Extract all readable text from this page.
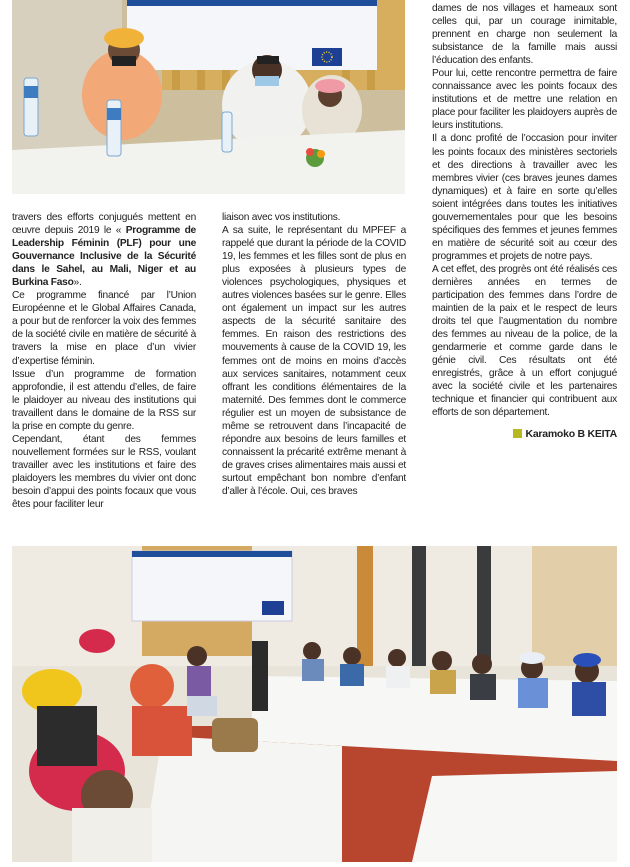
travers des efforts conjugués mettent en œuvre depuis 2019 le « Programme de Leadership Féminin (PLF) pour une Gouvernance Inclusive de la Sécurité dans le Sahel, au Mali, Niger et au Burkina Faso».

Ce programme financé par l’Union Européenne et le Global Affaires Canada, a pour but de renforcer la voix des femmes de la société civile en matière de sécurité à travers la mise en place d’un vivier d’expertise féminin.

Issue d’un programme de formation approfondie, il est attendu d’elles, de faire le plaidoyer au niveau des institutions qui travaillent dans le domaine de la RSS sur la prise en compte du genre.

Cependant, étant des femmes nouvellement formées sur le RSS, voulant travailler avec les institutions et faire des plaidoyers les membres du vivier ont donc besoin d’appui des points focaux que vous êtes pour faciliter leur

liaison avec vos institutions.

A sa suite, le représentant du MPFEF a rappelé que durant la période de la COVID 19, les femmes et les filles sont de plus en plus exposées à plusieurs types de violences psychologiques, physiques et autres violences basées sur le genre. Elles ont également un impact sur les autres aspects de la sécurité sanitaire des femmes. En raison des restrictions des mouvements à cause de la COVID 19, les femmes ont de moins en moins d’accès aux services sanitaires, notamment ceux offrant les conditions élémentaires de la maternité. Des femmes dont le commerce régulier est un moyen de subsistance de même se retrouvent dans l’incapacité de répondre aux besoins de leurs familles et connaissent la précarité extrême menant à de graves crises alimentaires mais aussi et surtout empêchant bon nombre d’enfant d’aller à l’école. Oui, ces braves

dames de nos villages et hameaux sont celles qui, par un courage inimitable, prennent en charge non seulement la subsistance de la famille mais aussi l’éducation des enfants.

Pour lui, cette rencontre permettra de faire connaissance avec les points focaux des institutions et de mettre une relation en place pour faciliter les plaidoyers auprès de leurs institutions.

Il a donc profité de l’occasion pour inviter les points focaux des ministères sectoriels et des directions à travailler avec les membres vivier (ces braves jeunes dames dynamiques) et à faire en sorte qu’elles soient intégrées dans toutes les initiatives gouvernementales pour que les besoins spécifiques des femmes et jeunes femmes en matière de sécurité soit au cœur des programmes et projets de notre pays.

A cet effet, des progrès ont été réalisés ces dernières années en termes de participation des femmes dans l’ordre de maintien de la paix et le respect de leurs droits tel que l’augmentation du nombre des femmes au niveau de la police, de la gendarmerie et comme garde dans le génie civil. Ces résultats ont été enregistrés, grâce à un effort conjugué avec la société civile et les partenaires technique et financier qui contribuent aux efforts de son département.

Karamoko B KEITA
